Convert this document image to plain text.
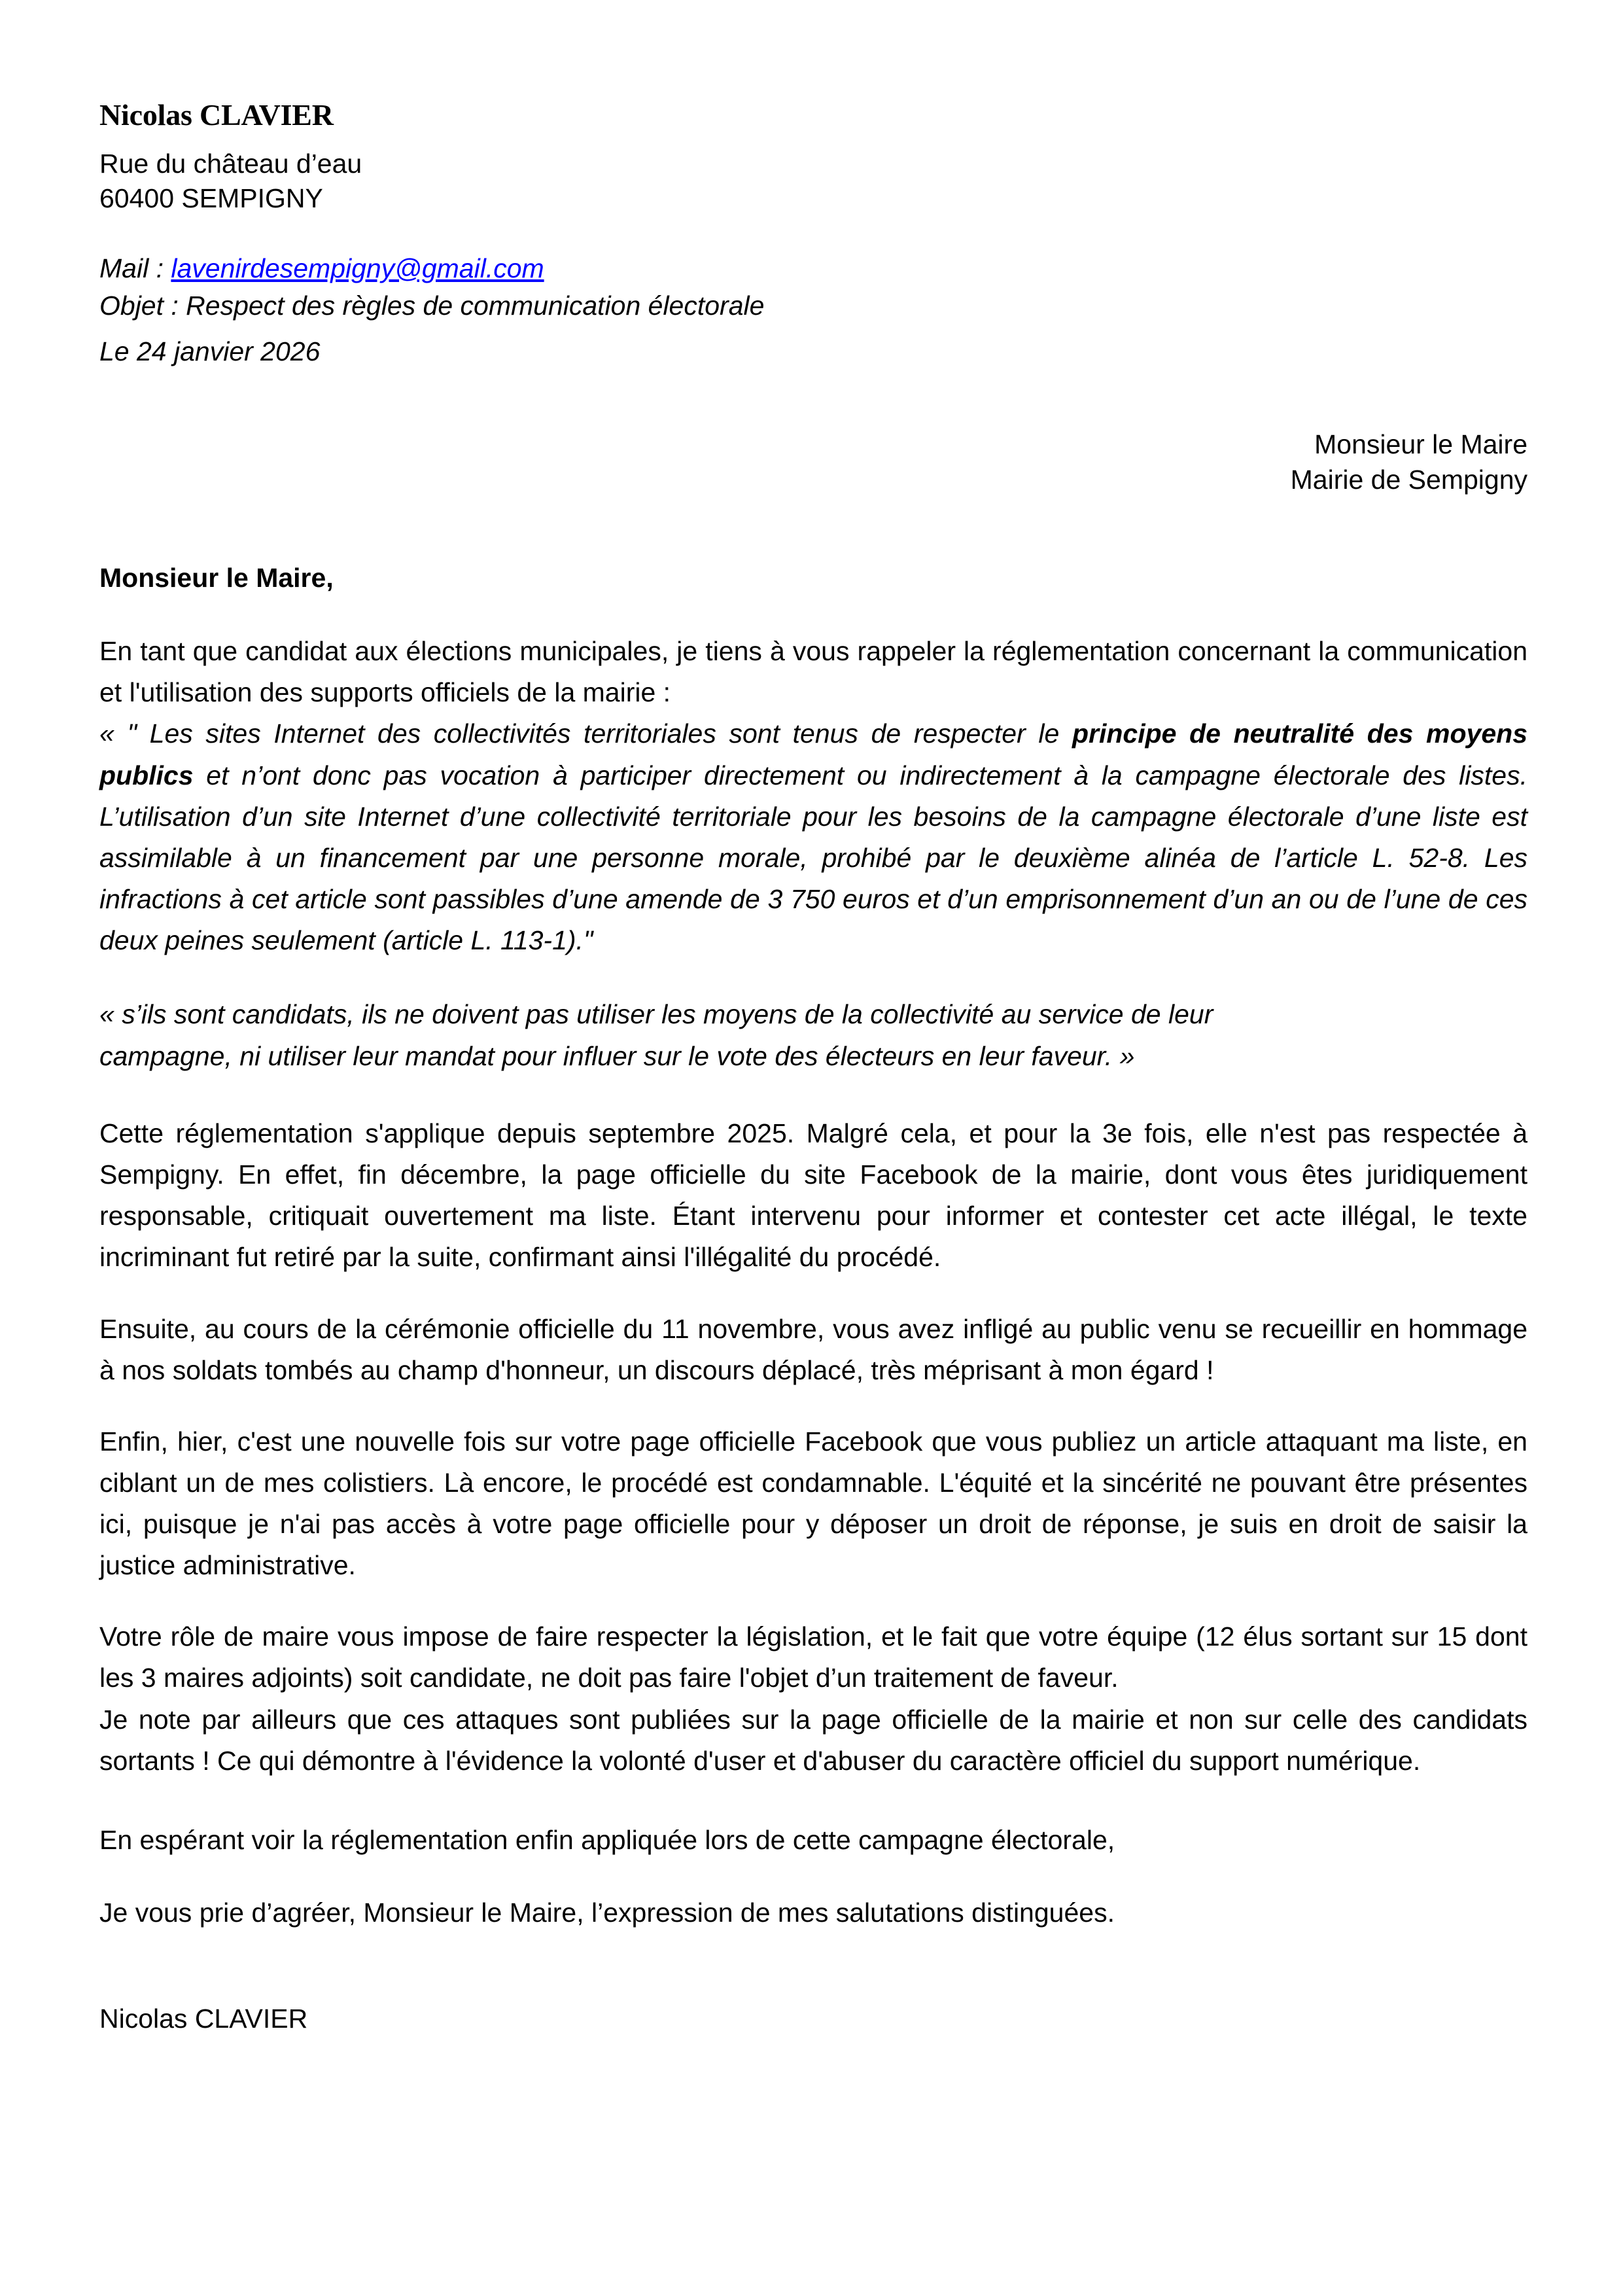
Nicolas CLAVIER
Rue du château d’eau
60400 SEMPIGNY
Mail : lavenirdesempigny@gmail.com
Objet : Respect des règles de communication électorale
Le 24 janvier 2026
Monsieur le Maire
Mairie de Sempigny
Monsieur le Maire,

En tant que candidat aux élections municipales, je tiens à vous rappeler la réglementation concernant la communication et l'utilisation des supports officiels de la mairie :

« " Les sites Internet des collectivités territoriales sont tenus de respecter le principe de neutralité des moyens publics et n’ont donc pas vocation à participer directement ou indirectement à la campagne électorale des listes. L’utilisation d’un site Internet d’une collectivité territoriale pour les besoins de la campagne électorale d’une liste est assimilable à un financement par une personne morale, prohibé par le deuxième alinéa de l’article L. 52-8. Les infractions à cet article sont passibles d’une amende de 3 750 euros et d’un emprisonnement d’un an ou de l’une de ces deux peines seulement (article L. 113-1)."

« s’ils sont candidats, ils ne doivent pas utiliser les moyens de la collectivité au service de leur
campagne, ni utiliser leur mandat pour influer sur le vote des électeurs en leur faveur. »

Cette réglementation s'applique depuis septembre 2025. Malgré cela, et pour la 3e fois, elle n'est pas respectée à Sempigny. En effet, fin décembre, la page officielle du site Facebook de la mairie, dont vous êtes juridiquement responsable, critiquait ouvertement ma liste. Étant intervenu pour informer et contester cet acte illégal, le texte incriminant fut retiré par la suite, confirmant ainsi l'illégalité du procédé.

Ensuite, au cours de la cérémonie officielle du 11 novembre, vous avez infligé au public venu se recueillir en hommage à nos soldats tombés au champ d'honneur, un discours déplacé, très méprisant à mon égard !

Enfin, hier, c'est une nouvelle fois sur votre page officielle Facebook que vous publiez un article attaquant ma liste, en ciblant un de mes colistiers. Là encore, le procédé est condamnable. L'équité et la sincérité ne pouvant être présentes ici, puisque je n'ai pas accès à votre page officielle pour y déposer un droit de réponse, je suis en droit de saisir la justice administrative.

Votre rôle de maire vous impose de faire respecter la législation, et le fait que votre équipe (12 élus sortant sur 15 dont les 3 maires adjoints) soit candidate, ne doit pas faire l'objet d’un traitement de faveur.

Je note par ailleurs que ces attaques sont publiées sur la page officielle de la mairie et non sur celle des candidats sortants ! Ce qui démontre à l'évidence la volonté d'user et d'abuser du caractère officiel du support numérique.

En espérant voir la réglementation enfin appliquée lors de cette campagne électorale,

Je vous prie d’agréer, Monsieur le Maire, l’expression de mes salutations distinguées.

Nicolas CLAVIER
